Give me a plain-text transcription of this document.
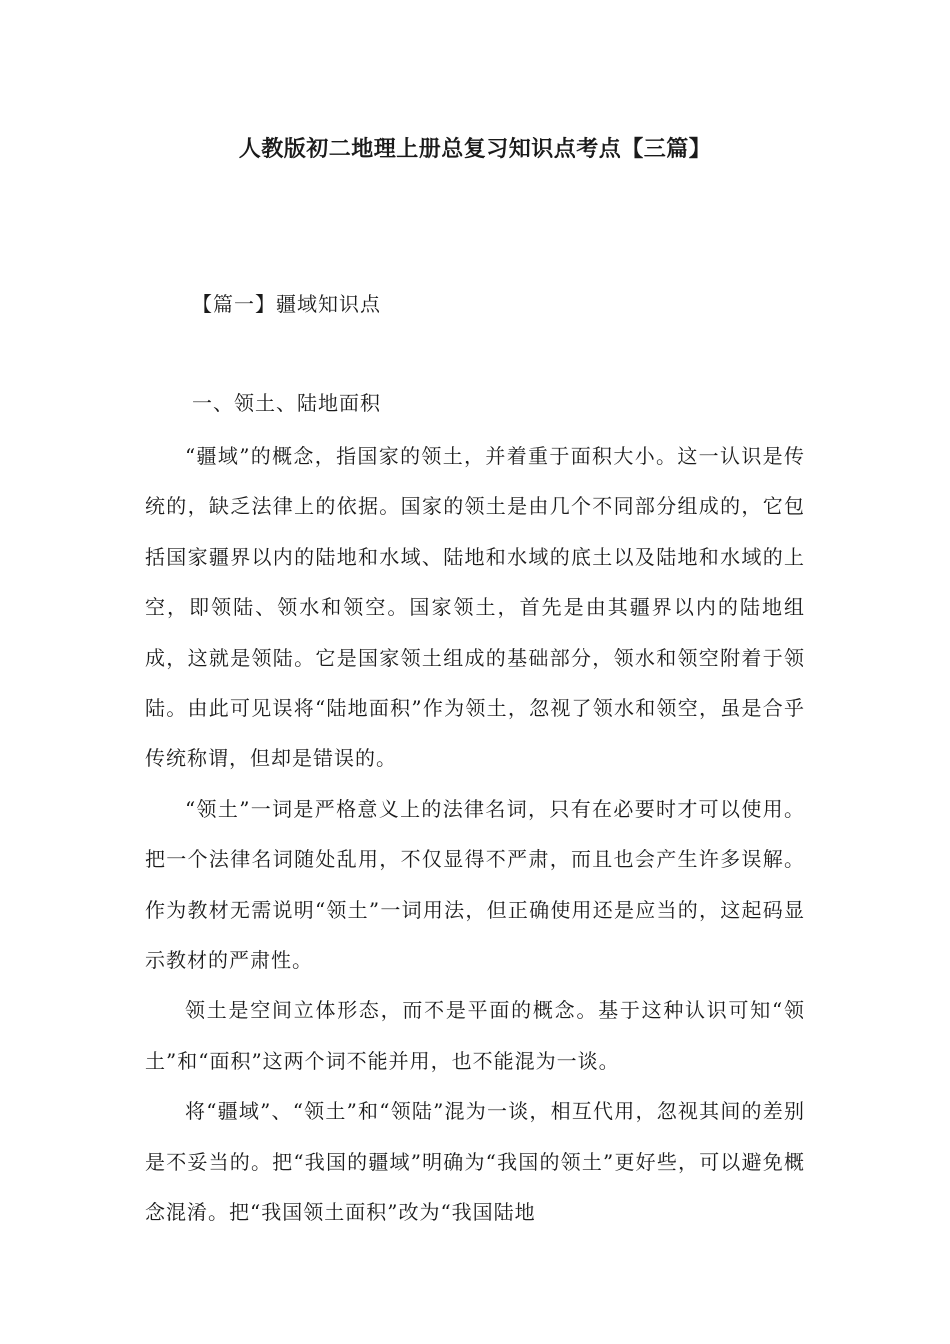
人教版初二地理上册总复习知识点考点【三篇】
【篇一】疆域知识点
一、领土、陆地面积

“疆域”的概念，指国家的领土，并着重于面积大小。这一认识是传统的，缺乏法律上的依据。国家的领土是由几个不同部分组成的，它包括国家疆界以内的陆地和水域、陆地和水域的底土以及陆地和水域的上空，即领陆、领水和领空。国家领土，首先是由其疆界以内的陆地组成，这就是领陆。它是国家领土组成的基础部分，领水和领空附着于领陆。由此可见误将“陆地面积”作为领土，忽视了领水和领空，虽是合乎传统称谓，但却是错误的。

“领土”一词是严格意义上的法律名词，只有在必要时才可以使用。把一个法律名词随处乱用，不仅显得不严肃，而且也会产生许多误解。作为教材无需说明“领土”一词用法，但正确使用还是应当的，这起码显示教材的严肃性。

领土是空间立体形态，而不是平面的概念。基于这种认识可知“领土”和“面积”这两个词不能并用，也不能混为一谈。

将“疆域”、“领土”和“领陆”混为一谈，相互代用，忽视其间的差别是不妥当的。把“我国的疆域”明确为“我国的领土”更好些，可以避免概念混淆。把“我国领土面积”改为“我国陆地
